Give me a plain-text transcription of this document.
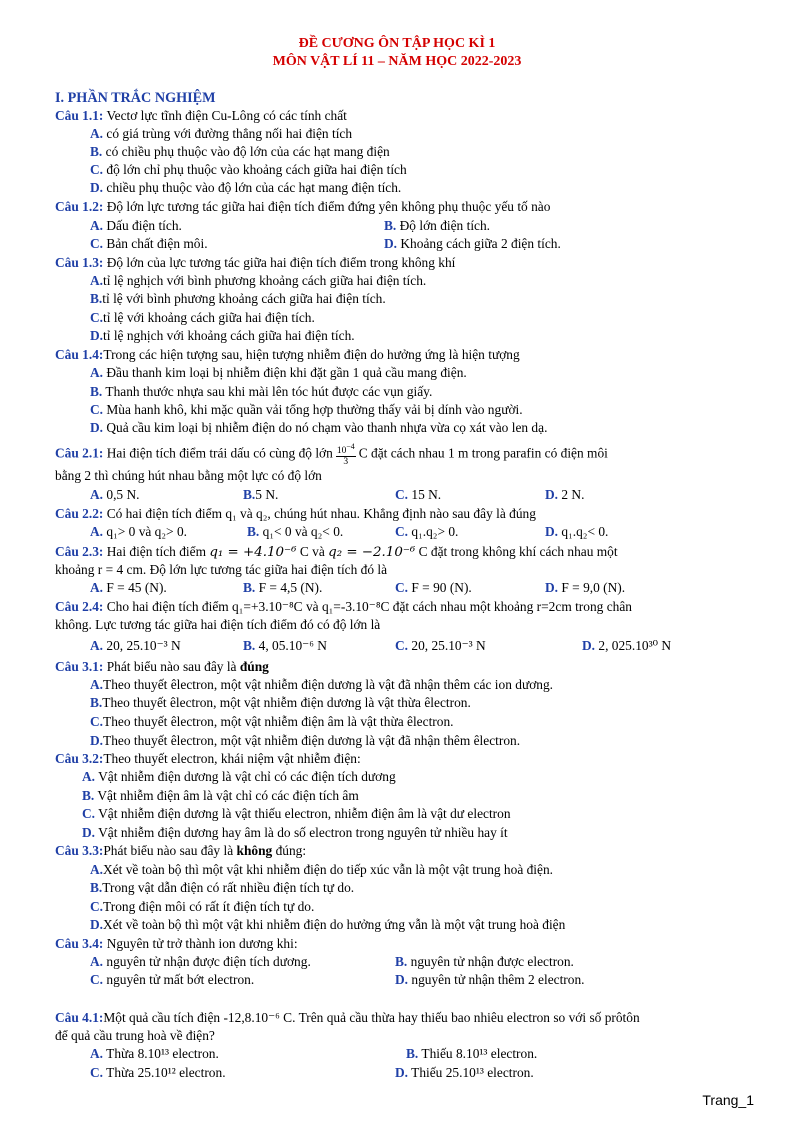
ĐỀ CƯƠNG ÔN TẬP HỌC KÌ 1
MÔN VẬT LÍ 11 – NĂM HỌC 2022-2023
I. PHẦN TRẮC NGHIỆM
Câu 1.1: Vectơ lực tĩnh điện Cu-Lông có các tính chất
A. có giá trùng với đường thẳng nối hai điện tích
B. có chiều phụ thuộc vào độ lớn của các hạt mang điện
C. độ lớn chỉ phụ thuộc vào khoảng cách giữa hai điện tích
D. chiều phụ thuộc vào độ lớn của các hạt mang điện tích.
Câu 1.2: Độ lớn lực tương tác giữa hai điện tích điểm đứng yên không phụ thuộc yếu tố nào
A. Dấu điện tích.	B. Độ lớn điện tích.
C. Bản chất điện môi.	D. Khoảng cách giữa 2 điện tích.
Câu 1.3: Độ lớn của lực tương tác giữa hai điện tích điểm trong không khí
A.tỉ lệ nghịch với bình phương khoảng cách giữa hai điện tích.
B.tỉ lệ với bình phương khoảng cách giữa hai điện tích.
C.tỉ lệ với khoảng cách giữa hai điện tích.
D.tỉ lệ nghịch với khoảng cách giữa hai điện tích.
Câu 1.4:Trong các hiện tượng sau, hiện tượng nhiễm điện do hưởng ứng là hiện tượng
A. Đầu thanh kim loại bị nhiễm điện khi đặt gần 1 quả cầu mang điện.
B. Thanh thước nhựa sau khi mài lên tóc hút được các vụn giấy.
C. Mùa hanh khô, khi mặc quần vải tổng hợp thường thấy vải bị dính vào người.
D. Quả cầu kim loại bị nhiễm điện do nó chạm vào thanh nhựa vừa cọ xát vào len dạ.
Câu 2.1: Hai điện tích điểm trái dấu có cùng độ lớn $\frac{10^{-4}}{3}$ C đặt cách nhau 1 m trong parafin có điện môi
bằng 2 thì chúng hút nhau bằng một lực có độ lớn
A. 0,5 N.	B.5 N.	C. 15 N.	D. 2 N.
Câu 2.2: Có hai điện tích điểm q₁ và q₂, chúng hút nhau. Khẳng định nào sau đây là đúng
A. q₁> 0 và q₂> 0.	B. q₁< 0 và q₂< 0.	C. q₁.q₂> 0.	D. q₁.q₂< 0.
Câu 2.3: Hai điện tích điểm q₁ = +4.10⁻⁶ C và q₂ = −2.10⁻⁶ C đặt trong không khí cách nhau một
khoảng r = 4 cm. Độ lớn lực tương tác giữa hai điện tích đó là
A. F = 45 (N).	B. F = 4,5 (N).	C. F = 90 (N).	D. F = 9,0 (N).
Câu 2.4: Cho hai điện tích điểm q₁=+3.10⁻⁸C và q₁=-3.10⁻⁸C đặt cách nhau một khoảng r=2cm trong chân
không. Lực tương tác giữa hai điện tích điểm đó có độ lớn là
A. 20, 25.10⁻³ N	B. 4, 05.10⁻⁶ N	C. 20, 25.10⁻³ N	D. 2, 025.10³⁰ N
Câu 3.1: Phát biểu nào sau đây là đúng
A.Theo thuyết êlectron, một vật nhiễm điện dương là vật đã nhận thêm các ion dương.
B.Theo thuyết êlectron, một vật nhiễm điện dương là vật thừa êlectron.
C.Theo thuyết êlectron, một vật nhiễm điện âm là vật thừa êlectron.
D.Theo thuyết êlectron, một vật nhiễm điện dương là vật đã nhận thêm êlectron.
Câu 3.2:Theo thuyết electron, khái niệm vật nhiễm điện:
A. Vật nhiễm điện dương là vật chỉ có các điện tích dương
B. Vật nhiễm điện âm là vật chỉ có các điện tích âm
C. Vật nhiễm điện dương là vật thiếu electron, nhiễm điện âm là vật dư electron
D. Vật nhiễm điện dương hay âm là do số electron trong nguyên tử nhiều hay ít
Câu 3.3:Phát biểu nào sau đây là không đúng:
A.Xét về toàn bộ thì một vật khi nhiễm điện do tiếp xúc vẫn là một vật trung hoà điện.
B.Trong vật dẫn điện có rất nhiều điện tích tự do.
C.Trong điện môi có rất ít điện tích tự do.
D.Xét về toàn bộ thì một vật khi nhiễm điện do hưởng ứng vẫn là một vật trung hoà điện
Câu 3.4: Nguyên tử trở thành ion dương khi:
A. nguyên tử nhận được điện tích dương.	B. nguyên tử nhận được electron.
C. nguyên tử mất bớt electron.	D. nguyên tử nhận thêm 2 electron.
Câu 4.1:Một quả cầu tích điện -12,8.10⁻⁶ C. Trên quả cầu thừa hay thiếu bao nhiêu electron so với số prôtôn
để quả cầu trung hoà về điện?
A. Thừa 8.10¹³ electron.	B. Thiếu 8.10¹³ electron.
C. Thừa 25.10¹² electron.	D. Thiếu 25.10¹³ electron.
Trang_1
